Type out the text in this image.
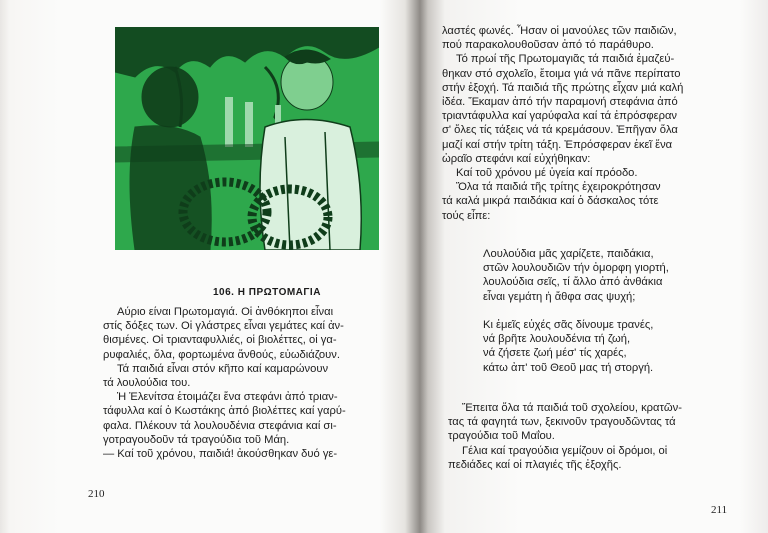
106. Η ΠΡΩΤΟΜΑΓΙΑ
Αύριο είναι Πρωτομαγιά. Οἱ ἀνθόκηποι εἶναι
στίς δόξες των. Οἱ γλάστρες εἶναι γεμάτες καί ἀν-
θισμένες. Οἱ τριανταφυλλιές, οἱ βιολέττες, οἱ γα-
ρυφαλιές, ὅλα, φορτωμένα ἄνθούς, εὐωδιάζουν.
Τά παιδιά εἶναι στόν κῆπο καί καμαρώνουν
τά λουλούδια του.
Ἡ Ἑλενίτσα ἑτοιμάζει ἕνα στεφάνι ἀπό τριαν-
τάφυλλα καί ὁ Κωστάκης ἀπό βιολέττες καί γαρύ-
φαλα. Πλέκουν τά λουλουδένια στεφάνια καί σι-
γοτραγουδοῦν τά τραγούδια τοῦ Μάη.
— Καί τοῦ χρόνου, παιδιά! ἀκούσθηκαν δυό γε-
210
λαστές φωνές. Ἦσαν οἱ μανούλες τῶν παιδιῶν,
πού παρακολουθοῦσαν ἀπό τό παράθυρο.
Τό πρωί τῆς Πρωτομαγιᾶς τά παιδιά ἐμαζεύ-
θηκαν στό σχολεῖο, ἕτοιμα γιά νά πᾶνε περίπατο
στήν ἐξοχή. Τά παιδιά τῆς πρώτης εἶχαν μιά καλή
ἰδέα. Ἔκαμαν ἀπό τήν παραμονή στεφάνια ἀπό
τριαντάφυλλα καί γαρύφαλα καί τά ἐπρόσφεραν
σ' ὅλες τίς τάξεις νά τά κρεμάσουν. Ἐπῆγαν ὅλα
μαζί καί στήν τρίτη τάξη. Ἐπρόσφεραν ἐκεῖ ἕνα
ὡραῖο στεφάνι καί εὐχήθηκαν:
Καί τοῦ χρόνου μέ ὑγεία καί πρόοδο.
Ὅλα τά παιδιά τῆς τρίτης ἐχειροκρότησαν
τά καλά μικρά παιδάκια καί ὁ δάσκαλος τότε
τούς εἶπε:
Λουλούδια μᾶς χαρίζετε, παιδάκια,
στῶν λουλουδιῶν τήν ὀμορφη γιορτή,
λουλούδια σεῖς, τί ἄλλο ἀπό ἀνθάκια
εἶναι γεμάτη ἡ ἄθφα σας ψυχή;

Κι ἐμεῖς εὐχές σᾶς δίνουμε τρανές,
νά βρῆτε λουλουδένια τή ζωή,
νά ζήσετε ζωή μέσ' τίς χαρές,
κάτω ἀπ' τοῦ Θεοῦ μας τή στοργή.
Ἔπειτα ὅλα τά παιδιά τοῦ σχολείου, κρατῶν-
τας τά φαγητά των, ξεκινοῦν τραγουδῶντας τά
τραγούδια τοῦ Μαΐου.
Γέλια καί τραγούδια γεμίζουν οἱ δρόμοι, οἱ
πεδιάδες καί οἱ πλαγιές τῆς ἐξοχῆς.
211
